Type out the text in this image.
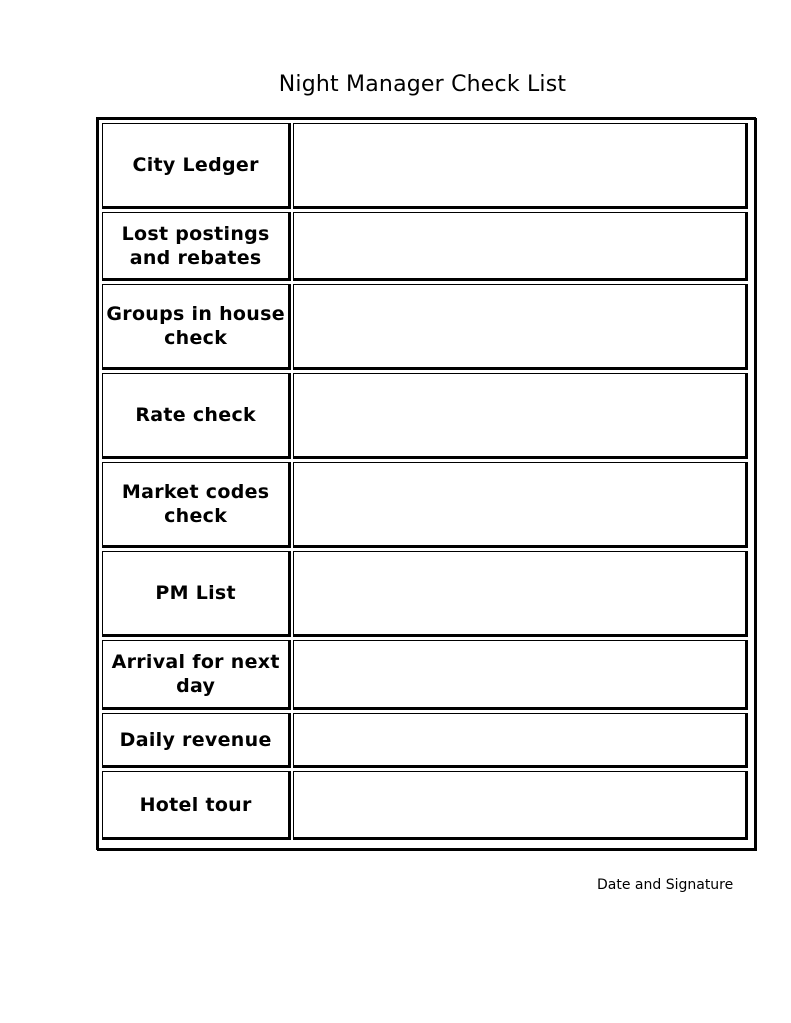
Night Manager Check List
City Ledger	
Lost postings and rebates	
Groups in house check	
Rate check	
Market codes check	
PM List	
Arrival for next day	
Daily revenue	
Hotel tour	
Date and Signature
